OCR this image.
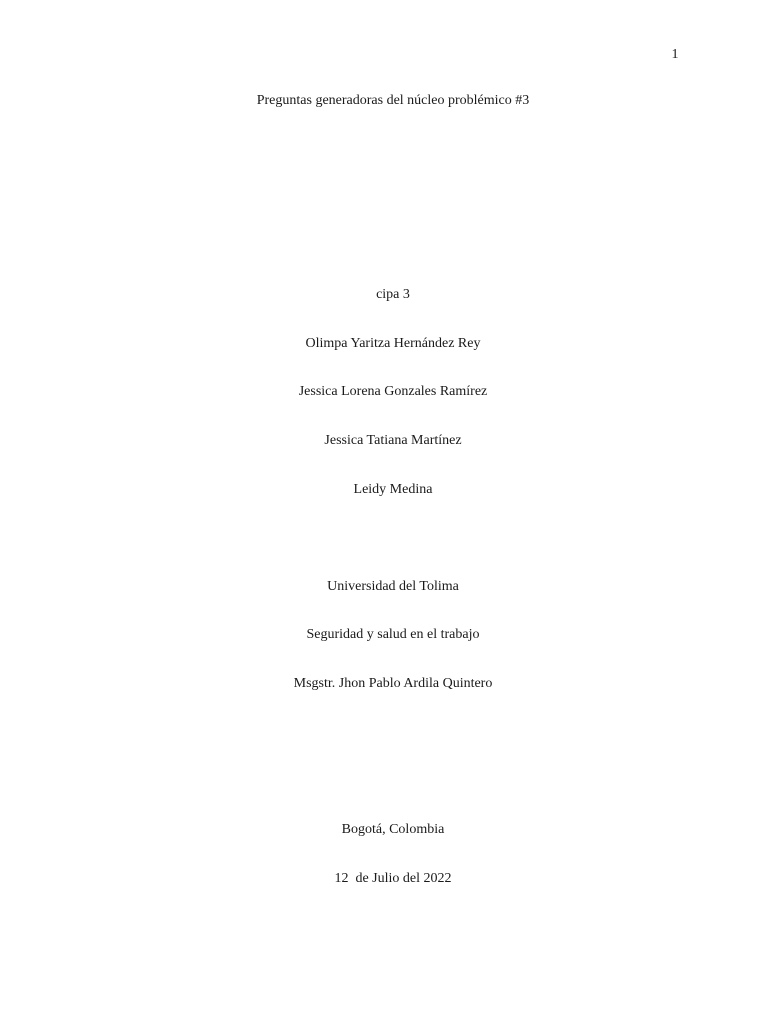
1
Preguntas generadoras del núcleo problémico #3
cipa 3
Olimpa Yaritza Hernández Rey
Jessica Lorena Gonzales Ramírez
Jessica Tatiana Martínez
Leidy Medina
Universidad del Tolima
Seguridad y salud en el trabajo
Msgstr. Jhon Pablo Ardila Quintero
Bogotá, Colombia
12  de Julio del 2022
